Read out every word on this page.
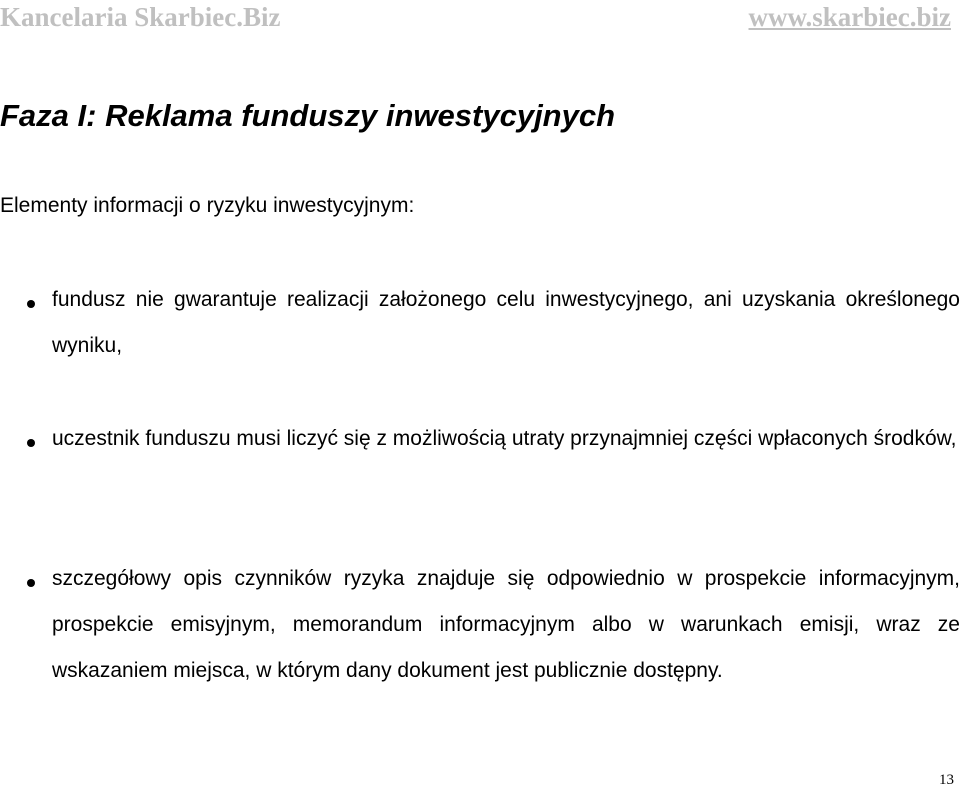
Kancelaria Skarbiec.Biz	www.skarbiec.biz
Faza I: Reklama funduszy inwestycyjnych
Elementy informacji o ryzyku inwestycyjnym:
fundusz nie gwarantuje realizacji założonego celu inwestycyjnego, ani uzyskania określonego wyniku,
uczestnik funduszu musi liczyć się z możliwością utraty przynajmniej części wpłaconych środków,
szczegółowy opis czynników ryzyka znajduje się odpowiednio w prospekcie informacyjnym, prospekcie emisyjnym, memorandum informacyjnym albo w warunkach emisji, wraz ze wskazaniem miejsca, w którym dany dokument jest publicznie dostępny.
13
